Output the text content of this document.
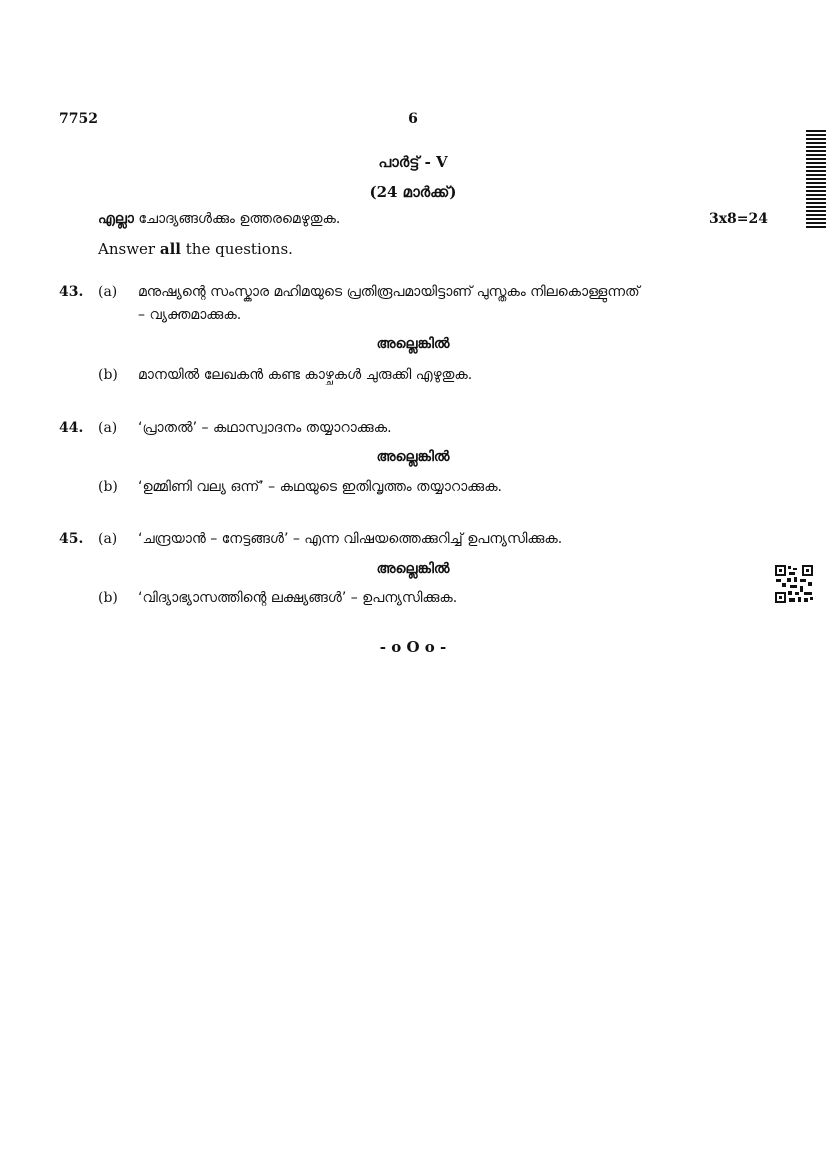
7752	6
പാർട്ട് - V
(24 മാർക്ക്)
എല്ലാ ചോദ്യങ്ങൾക്കും ഉത്തരമെഴുതുക.	3x8=24
Answer all the questions.
43. (a) മനുഷ്യന്റെ സംസ്കാര മഹിമയുടെ പ്രതിരൂപമായിട്ടാണ് പുസ്തകം നിലകൊള്ളുന്നത്
– വ്യക്തമാക്കുക.
അല്ലെങ്കിൽ
(b) മാനയിൽ ലേഖകൻ കണ്ട കാഴ്ചകൾ ചുരുക്കി എഴുതുക.
44. (a) ‘പ്രാതൽ’ – കഥാസ്വാദനം തയ്യാറാക്കുക.
അല്ലെങ്കിൽ
(b) ‘ഉമ്മിണി വല്യ ഒന്ന്’ – കഥയുടെ ഇതിവൃത്തം തയ്യാറാക്കുക.
45. (a) ‘ചന്ദ്രയാൻ – നേട്ടങ്ങൾ’ – എന്ന വിഷയത്തെക്കുറിച്ച് ഉപന്യസിക്കുക.
അല്ലെങ്കിൽ
(b) ‘വിദ്യാഭ്യാസത്തിന്റെ ലക്ഷ്യങ്ങൾ’ – ഉപന്യസിക്കുക.
- o O o -
